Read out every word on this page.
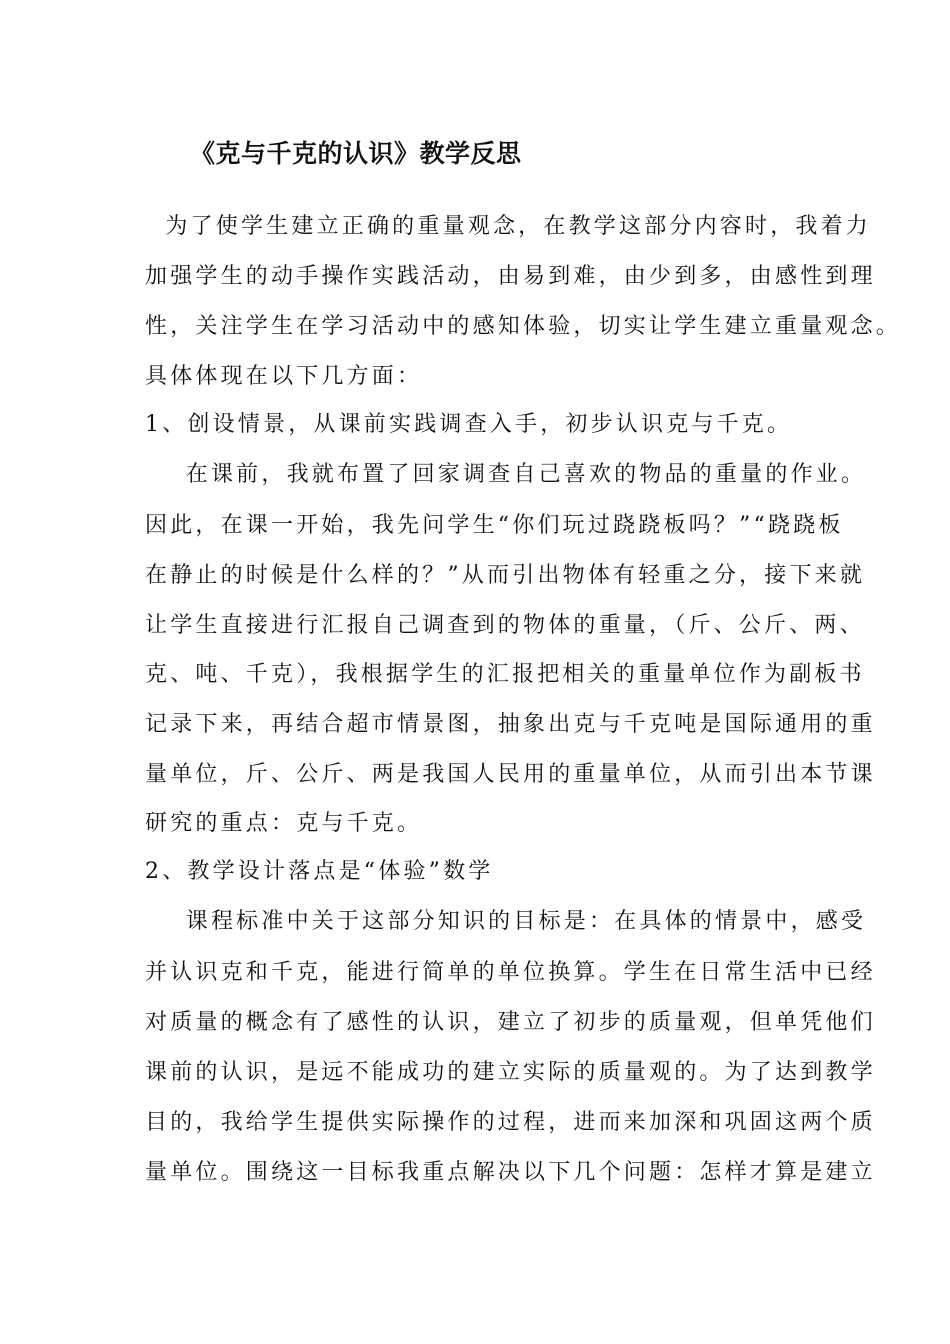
《克与千克的认识》教学反思
为了使学生建立正确的重量观念，在教学这部分内容时，我着力
加强学生的动手操作实践活动，由易到难，由少到多，由感性到理
性，关注学生在学习活动中的感知体验，切实让学生建立重量观念。
具体体现在以下几方面：
1、创设情景，从课前实践调查入手，初步认识克与千克。
在课前，我就布置了回家调查自己喜欢的物品的重量的作业。
因此，在课一开始，我先问学生“你们玩过跷跷板吗？”“跷跷板
在静止的时候是什么样的？”从而引出物体有轻重之分，接下来就
让学生直接进行汇报自己调查到的物体的重量，（斤、公斤、两、
克、吨、千克），我根据学生的汇报把相关的重量单位作为副板书
记录下来，再结合超市情景图，抽象出克与千克吨是国际通用的重
量单位，斤、公斤、两是我国人民用的重量单位，从而引出本节课
研究的重点：克与千克。
2、教学设计落点是“体验”数学
课程标准中关于这部分知识的目标是：在具体的情景中，感受
并认识克和千克，能进行简单的单位换算。学生在日常生活中已经
对质量的概念有了感性的认识，建立了初步的质量观，但单凭他们
课前的认识，是远不能成功的建立实际的质量观的。为了达到教学
目的，我给学生提供实际操作的过程，进而来加深和巩固这两个质
量单位。围绕这一目标我重点解决以下几个问题：怎样才算是建立
